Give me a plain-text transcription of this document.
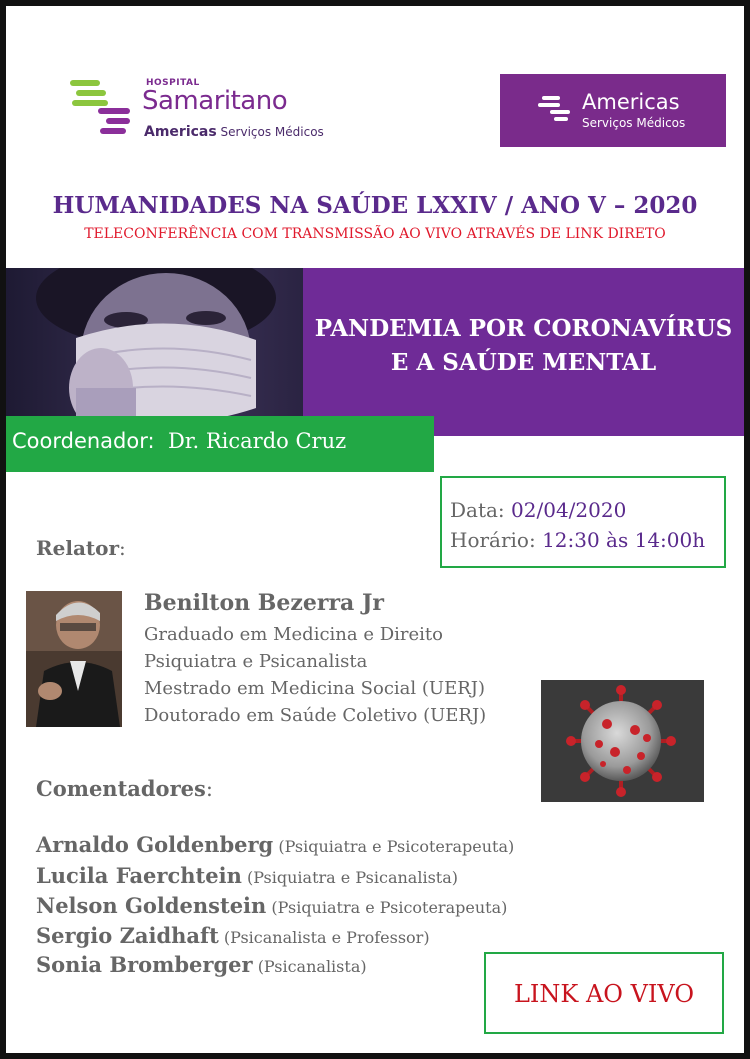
HOSPITAL
Samaritano
Americas Serviços Médicos
Americas
Serviços Médicos
HUMANIDADES NA SAÚDE LXXIV / ANO V – 2020
TELECONFERÊNCIA COM TRANSMISSÃO AO VIVO ATRAVÉS DE LINK DIRETO
PANDEMIA POR CORONAVÍRUS
E A SAÚDE MENTAL
Coordenador: Dr. Ricardo Cruz
Data: 02/04/2020
Horário: 12:30 às 14:00h
Relator:
Benilton Bezerra Jr
Graduado em Medicina e Direito
Psiquiatra e Psicanalista
Mestrado em Medicina Social (UERJ)
Doutorado em Saúde Coletivo (UERJ)
Comentadores:
Arnaldo Goldenberg (Psiquiatra e Psicoterapeuta)
Lucila Faerchtein (Psiquiatra e Psicanalista)
Nelson Goldenstein (Psiquiatra e Psicoterapeuta)
Sergio Zaidhaft (Psicanalista e Professor)
Sonia Bromberger (Psicanalista)
LINK AO VIVO
